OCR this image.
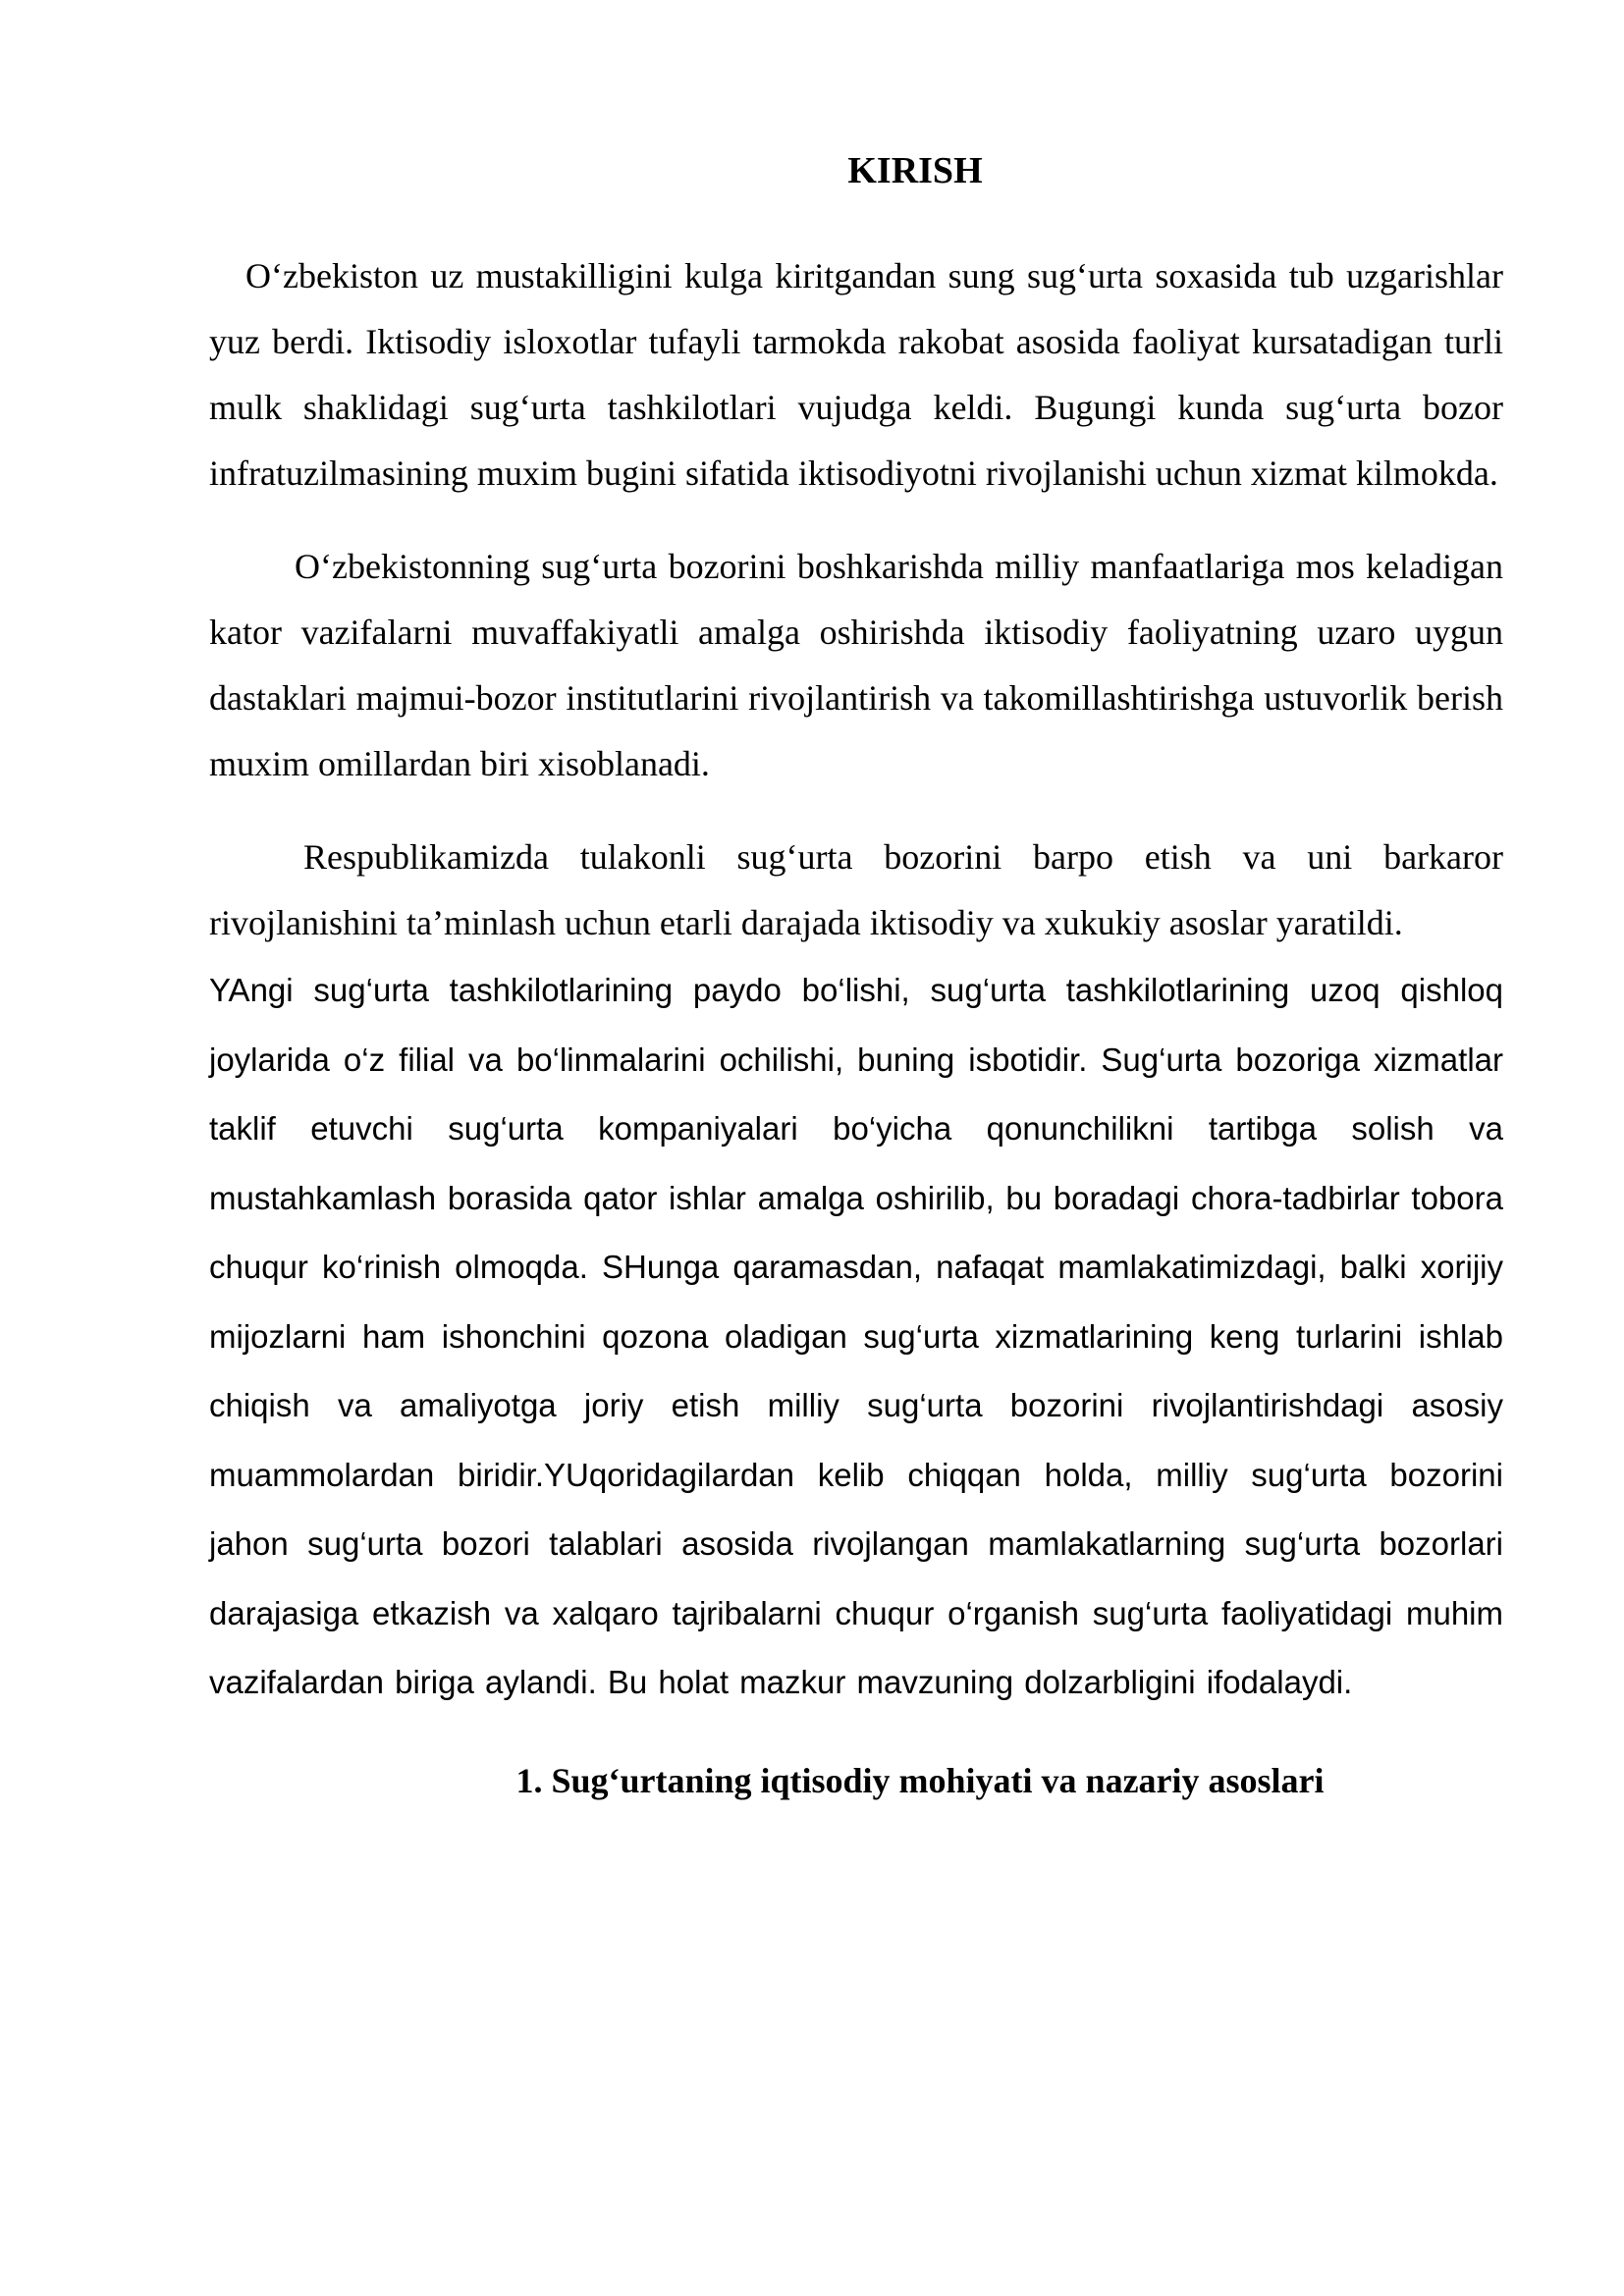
KIRISH

O‘zbekiston uz mustakilligini kulga kiritgandan sung sug‘urta soxasida tub uzgarishlar yuz berdi. Iktisodiy isloxotlar tufayli tarmokda rakobat asosida faoliyat kursatadigan turli mulk shaklidagi sug‘urta tashkilotlari vujudga keldi. Bugungi kunda sug‘urta bozor infratuzilmasining muxim bugini sifatida iktisodiyotni rivojlanishi uchun xizmat kilmokda.

O‘zbekistonning sug‘urta bozorini boshkarishda milliy manfaatlariga mos keladigan kator vazifalarni muvaffakiyatli amalga oshirishda iktisodiy faoliyatning uzaro uygun dastaklari majmui-bozor institutlarini rivojlantirish va takomillashtirishga ustuvorlik berish muxim omillardan biri xisoblanadi.

Respublikamizda tulakonli sug‘urta bozorini barpo etish va uni barkaror rivojlanishini ta’minlash uchun etarli darajada iktisodiy va xukukiy asoslar yaratildi.

YAngi sug‘urta tashkilotlarining paydo bo‘lishi, sug‘urta tashkilotlarining uzoq qishloq joylarida o‘z filial va bo‘linmalarini ochilishi, buning isbotidir. Sug‘urta bozoriga xizmatlar taklif etuvchi sug‘urta kompaniyalari bo‘yicha qonunchilikni tartibga solish va mustahkamlash borasida qator ishlar amalga oshirilib, bu boradagi chora-tadbirlar tobora chuqur ko‘rinish olmoqda. SHunga qaramasdan, nafaqat mamlakatimizdagi, balki xorijiy mijozlarni ham ishonchini qozona oladigan sug‘urta xizmatlarining keng turlarini ishlab chiqish va amaliyotga joriy etish milliy sug‘urta bozorini rivojlantirishdagi asosiy muammolardan biridir.YUqoridagilardan kelib chiqqan holda, milliy sug‘urta bozorini jahon sug‘urta bozori talablari asosida rivojlangan mamlakatlarning sug‘urta bozorlari darajasiga etkazish va xalqaro tajribalarni chuqur o‘rganish sug‘urta faoliyatidagi muhim vazifalardan biriga aylandi. Bu holat mazkur mavzuning dolzarbligini ifodalaydi.

1. Sug‘urtaning iqtisodiy mohiyati va nazariy asoslari
